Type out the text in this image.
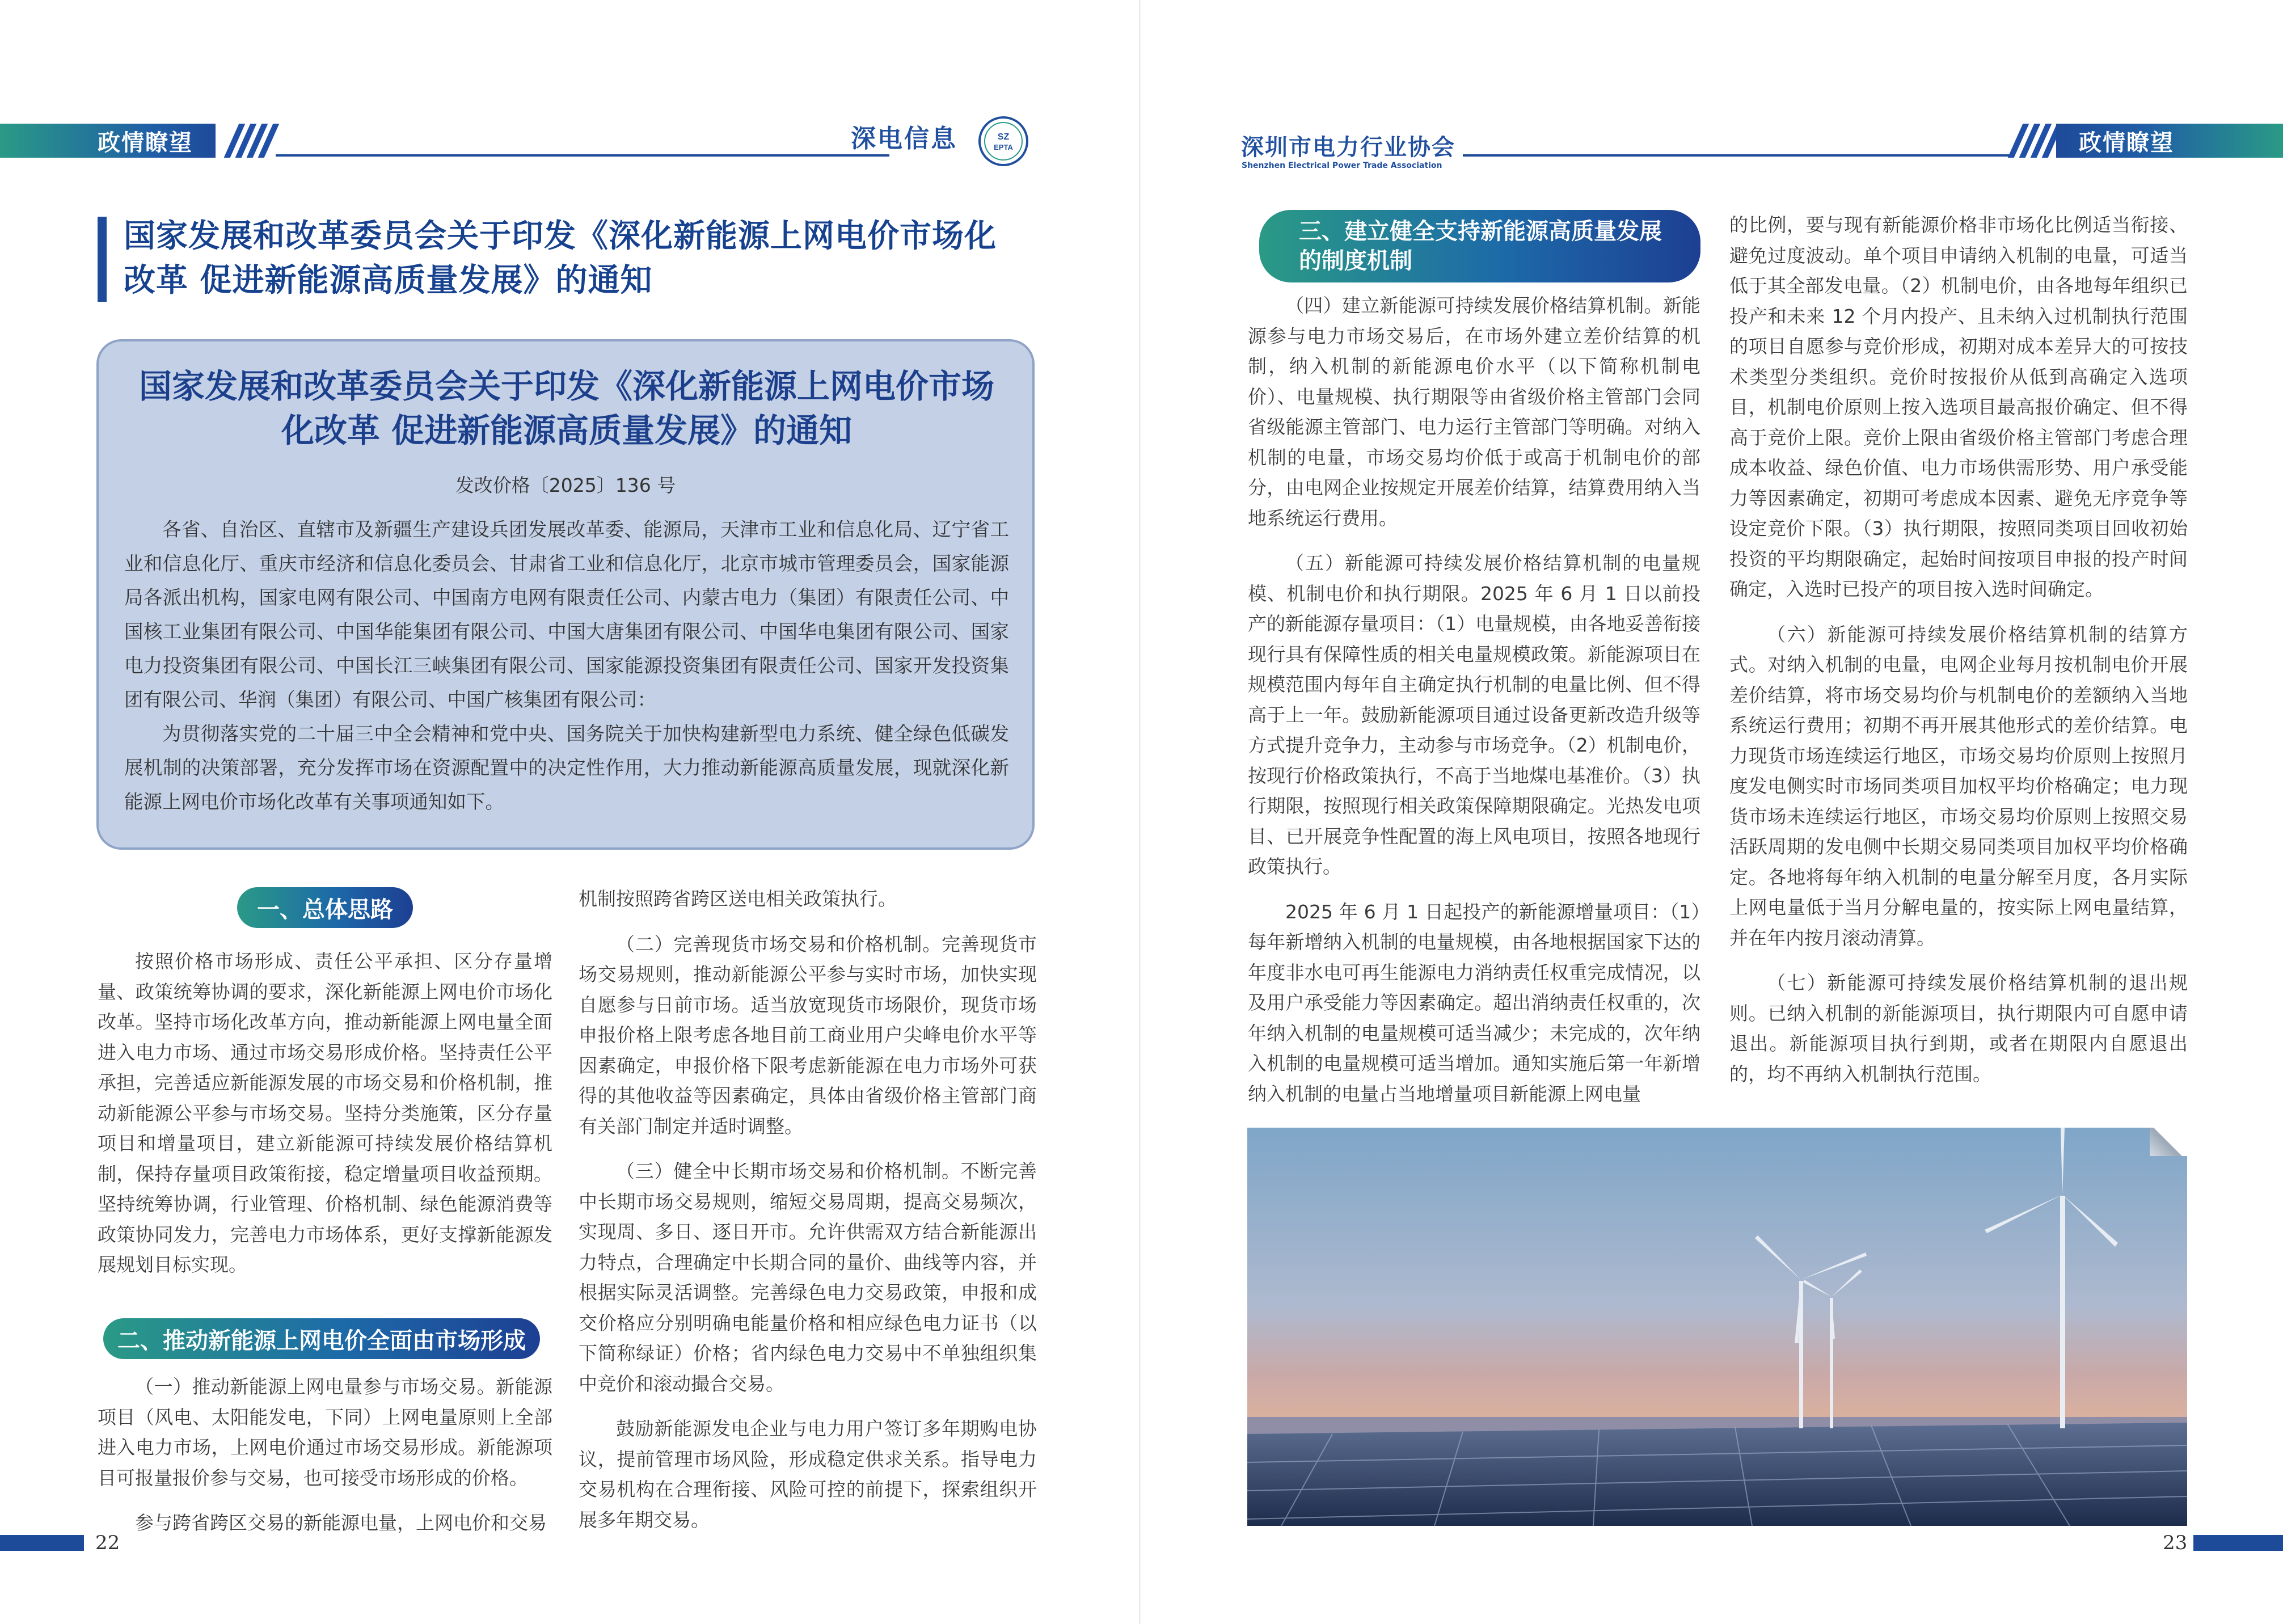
政情瞭望	深电信息	SZ
EPTA
国家发展和改革委员会关于印发《深化新能源上网电价市场化改革 促进新能源高质量发展》的通知
国家发展和改革委员会关于印发《深化新能源上网电价市场化改革 促进新能源高质量发展》的通知
发改价格〔2025〕136 号

各省、自治区、直辖市及新疆生产建设兵团发展改革委、能源局，天津市工业和信息化局、辽宁省工业和信息化厅、重庆市经济和信息化委员会、甘肃省工业和信息化厅，北京市城市管理委员会，国家能源局各派出机构，国家电网有限公司、中国南方电网有限责任公司、内蒙古电力（集团）有限责任公司、中国核工业集团有限公司、中国华能集团有限公司、中国大唐集团有限公司、中国华电集团有限公司、国家电力投资集团有限公司、中国长江三峡集团有限公司、国家能源投资集团有限责任公司、国家开发投资集团有限公司、华润（集团）有限公司、中国广核集团有限公司：

为贯彻落实党的二十届三中全会精神和党中央、国务院关于加快构建新型电力系统、健全绿色低碳发展机制的决策部署，充分发挥市场在资源配置中的决定性作用，大力推动新能源高质量发展，现就深化新能源上网电价市场化改革有关事项通知如下。

一、总体思路

按照价格市场形成、责任公平承担、区分存量增量、政策统筹协调的要求，深化新能源上网电价市场化改革。坚持市场化改革方向，推动新能源上网电量全面进入电力市场、通过市场交易形成价格。坚持责任公平承担，完善适应新能源发展的市场交易和价格机制，推动新能源公平参与市场交易。坚持分类施策，区分存量项目和增量项目，建立新能源可持续发展价格结算机制，保持存量项目政策衔接，稳定增量项目收益预期。坚持统筹协调，行业管理、价格机制、绿色能源消费等政策协同发力，完善电力市场体系，更好支撑新能源发展规划目标实现。

二、推动新能源上网电价全面由市场形成

（一）推动新能源上网电量参与市场交易。新能源项目（风电、太阳能发电，下同）上网电量原则上全部进入电力市场，上网电价通过市场交易形成。新能源项目可报量报价参与交易，也可接受市场形成的价格。

参与跨省跨区交易的新能源电量，上网电价和交易

机制按照跨省跨区送电相关政策执行。

（二）完善现货市场交易和价格机制。完善现货市场交易规则，推动新能源公平参与实时市场，加快实现自愿参与日前市场。适当放宽现货市场限价，现货市场申报价格上限考虑各地目前工商业用户尖峰电价水平等因素确定，申报价格下限考虑新能源在电力市场外可获得的其他收益等因素确定，具体由省级价格主管部门商有关部门制定并适时调整。

（三）健全中长期市场交易和价格机制。不断完善中长期市场交易规则，缩短交易周期，提高交易频次，实现周、多日、逐日开市。允许供需双方结合新能源出力特点，合理确定中长期合同的量价、曲线等内容，并根据实际灵活调整。完善绿色电力交易政策，申报和成交价格应分别明确电能量价格和相应绿色电力证书（以下简称绿证）价格；省内绿色电力交易中不单独组织集中竞价和滚动撮合交易。

鼓励新能源发电企业与电力用户签订多年期购电协议，提前管理市场风险，形成稳定供求关系。指导电力交易机构在合理衔接、风险可控的前提下，探索组织开展多年期交易。

22
深圳市电力行业协会
Shenzhen Electrical Power Trade Association
政情瞭望
三、建立健全支持新能源高质量发展的制度机制

（四）建立新能源可持续发展价格结算机制。新能源参与电力市场交易后，在市场外建立差价结算的机制，纳入机制的新能源电价水平（以下简称机制电价）、电量规模、执行期限等由省级价格主管部门会同省级能源主管部门、电力运行主管部门等明确。对纳入机制的电量，市场交易均价低于或高于机制电价的部分，由电网企业按规定开展差价结算，结算费用纳入当地系统运行费用。

（五）新能源可持续发展价格结算机制的电量规模、机制电价和执行期限。2025 年 6 月 1 日以前投产的新能源存量项目：（1）电量规模，由各地妥善衔接现行具有保障性质的相关电量规模政策。新能源项目在规模范围内每年自主确定执行机制的电量比例、但不得高于上一年。鼓励新能源项目通过设备更新改造升级等方式提升竞争力，主动参与市场竞争。（2）机制电价，按现行价格政策执行，不高于当地煤电基准价。（3）执行期限，按照现行相关政策保障期限确定。光热发电项目、已开展竞争性配置的海上风电项目，按照各地现行政策执行。

2025 年 6 月 1 日起投产的新能源增量项目：（1）每年新增纳入机制的电量规模，由各地根据国家下达的年度非水电可再生能源电力消纳责任权重完成情况，以及用户承受能力等因素确定。超出消纳责任权重的，次年纳入机制的电量规模可适当减少；未完成的，次年纳入机制的电量规模可适当增加。通知实施后第一年新增纳入机制的电量占当地增量项目新能源上网电量

的比例，要与现有新能源价格非市场化比例适当衔接、避免过度波动。单个项目申请纳入机制的电量，可适当低于其全部发电量。（2）机制电价，由各地每年组织已投产和未来 12 个月内投产、且未纳入过机制执行范围的项目自愿参与竞价形成，初期对成本差异大的可按技术类型分类组织。竞价时按报价从低到高确定入选项目，机制电价原则上按入选项目最高报价确定、但不得高于竞价上限。竞价上限由省级价格主管部门考虑合理成本收益、绿色价值、电力市场供需形势、用户承受能力等因素确定，初期可考虑成本因素、避免无序竞争等设定竞价下限。（3）执行期限，按照同类项目回收初始投资的平均期限确定，起始时间按项目申报的投产时间确定，入选时已投产的项目按入选时间确定。

（六）新能源可持续发展价格结算机制的结算方式。对纳入机制的电量，电网企业每月按机制电价开展差价结算，将市场交易均价与机制电价的差额纳入当地系统运行费用；初期不再开展其他形式的差价结算。电力现货市场连续运行地区，市场交易均价原则上按照月度发电侧实时市场同类项目加权平均价格确定；电力现货市场未连续运行地区，市场交易均价原则上按照交易活跃周期的发电侧中长期交易同类项目加权平均价格确定。各地将每年纳入机制的电量分解至月度，各月实际上网电量低于当月分解电量的，按实际上网电量结算，并在年内按月滚动清算。

（七）新能源可持续发展价格结算机制的退出规则。已纳入机制的新能源项目，执行期限内可自愿申请退出。新能源项目执行到期，或者在期限内自愿退出的，均不再纳入机制执行范围。

23
